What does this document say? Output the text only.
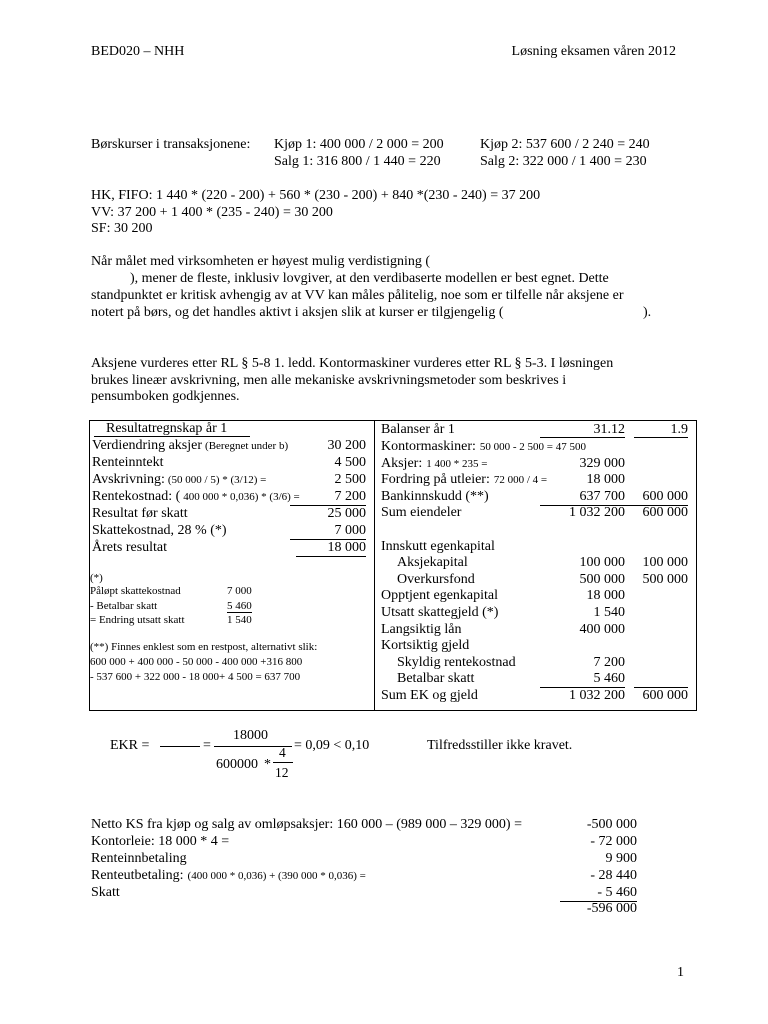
BED020 – NHH	Løsning eksamen våren 2012
Børskurser i transaksjonene: Kjøp 1: 400 000 / 2 000 = 200	Kjøp 2: 537 600 / 2 240 = 240
Salg 1: 316 800 / 1 440 = 220	Salg 2: 322 000 / 1 400 = 230
HK, FIFO: 1 440 * (220 - 200) + 560 * (230 - 200) + 840 *(230 - 240) = 37 200
VV: 37 200 + 1 400 * (235 - 240) = 30 200
SF: 30 200
Når målet med virksomheten er høyest mulig verdistigning (
), mener de fleste, inklusiv lovgiver, at den verdibaserte modellen er best egnet. Dette
standpunktet er kritisk avhengig av at VV kan måles pålitelig, noe som er tilfelle når aksjene er
notert på børs, og det handles aktivt i aksjen slik at kurser er tilgjengelig (	).
Aksjene vurderes etter RL § 5-8 1. ledd. Kontormaskiner vurderes etter RL § 5-3. I løsningen
brukes lineær avskrivning, men alle mekaniske avskrivningsmetoder som beskrives i
pensumboken godkjennes.
Resultatregnskap år 1
Verdiendring aksjer (Beregnet under b)	30 200
Renteinntekt	4 500
Avskrivning: (50 000 / 5) * (3/12) =	2 500
Rentekostnad: ( 400 000 * 0,036) * (3/6) =	7 200
Resultat før skatt	25 000
Skattekostnad, 28 % (*)	7 000
Årets resultat	18 000
(*)
Påløpt skattekostnad	7 000
- Betalbar skatt	5 460
= Endring utsatt skatt	1 540
(**) Finnes enklest som en restpost, alternativt slik:
600 000 + 400 000 - 50 000 - 400 000 +316 800
- 537 600 + 322 000 - 18 000+ 4 500 = 637 700
Balanser år 1	31.12	1.9
Kontormaskiner: 50 000 - 2 500 = 47 500
Aksjer: 1 400 * 235 =	329 000
Fordring på utleier: 72 000 / 4 =	18 000
Bankinnskudd (**)	637 700	600 000
Sum eiendeler	1 032 200	600 000
Innskutt egenkapital
Aksjekapital	100 000	100 000
Overkursfond	500 000	500 000
Opptjent egenkapital	18 000
Utsatt skattegjeld (*)	1 540
Langsiktig lån	400 000
Kortsiktig gjeld
Skyldig rentekostnad	7 200
Betalbar skatt	5 460
Sum EK og gjeld	1 032 200	600 000
EKR =	=
18000
600000 *
4
12
= 0,09 < 0,10	Tilfredsstiller ikke kravet.
Netto KS fra kjøp og salg av omløpsaksjer: 160 000 – (989 000 – 329 000) =	-500 000
Kontorleie: 18 000 * 4 =	- 72 000
Renteinnbetaling	9 900
Renteutbetaling: (400 000 * 0,036) + (390 000 * 0,036) =	- 28 440
Skatt	- 5 460
-596 000
1
